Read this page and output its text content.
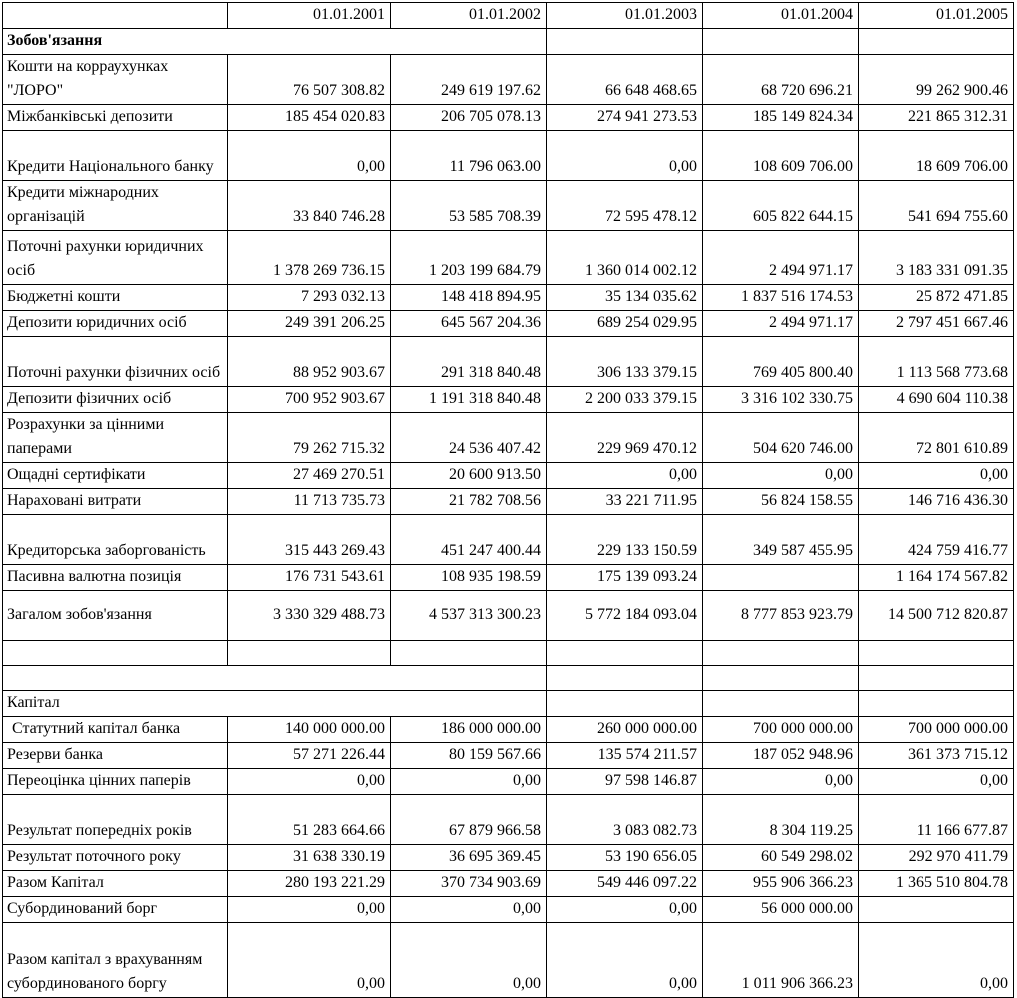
	01.01.2001	01.01.2002	01.01.2003	01.01.2004	01.01.2005
Зобов'язання					
Кошти на корраухунках "ЛОРО"	76 507 308.82	249 619 197.62	66 648 468.65	68 720 696.21	99 262 900.46
Міжбанківські депозити	185 454 020.83	206 705 078.13	274 941 273.53	185 149 824.34	221 865 312.31
Кредити Національного банку	0,00	11 796 063.00	0,00	108 609 706.00	18 609 706.00
Кредити міжнародних організацій	33 840 746.28	53 585 708.39	72 595 478.12	605 822 644.15	541 694 755.60
Поточні рахунки юридичних осіб	1 378 269 736.15	1 203 199 684.79	1 360 014 002.12	2 494 971.17	3 183 331 091.35
Бюджетні кошти	7 293 032.13	148 418 894.95	35 134 035.62	1 837 516 174.53	25 872 471.85
Депозити юридичних осіб	249 391 206.25	645 567 204.36	689 254 029.95	2 494 971.17	2 797 451 667.46
Поточні рахунки фізичних осіб	88 952 903.67	291 318 840.48	306 133 379.15	769 405 800.40	1 113 568 773.68
Депозити фізичних осіб	700 952 903.67	1 191 318 840.48	2 200 033 379.15	3 316 102 330.75	4 690 604 110.38
Розрахунки за цінними паперами	79 262 715.32	24 536 407.42	229 969 470.12	504 620 746.00	72 801 610.89
Ощадні сертифікати	27 469 270.51	20 600 913.50	0,00	0,00	0,00
Нараховані витрати	11 713 735.73	21 782 708.56	33 221 711.95	56 824 158.55	146 716 436.30
Кредиторська заборгованість	315 443 269.43	451 247 400.44	229 133 150.59	349 587 455.95	424 759 416.77
Пасивна валютна позиція	176 731 543.61	108 935 198.59	175 139 093.24		1 164 174 567.82
Загалом зобов'язання	3 330 329 488.73	4 537 313 300.23	5 772 184 093.04	8 777 853 923.79	14 500 712 820.87

Капітал					
Статутний капітал банка	140 000 000.00	186 000 000.00	260 000 000.00	700 000 000.00	700 000 000.00
Резерви банка	57 271 226.44	80 159 567.66	135 574 211.57	187 052 948.96	361 373 715.12
Переоцінка цінних паперів	0,00	0,00	97 598 146.87	0,00	0,00
Результат попередніх років	51 283 664.66	67 879 966.58	3 083 082.73	8 304 119.25	11 166 677.87
Результат поточного року	31 638 330.19	36 695 369.45	53 190 656.05	60 549 298.02	292 970 411.79
Разом Капітал	280 193 221.29	370 734 903.69	549 446 097.22	955 906 366.23	1 365 510 804.78
Субординований борг	0,00	0,00	0,00	56 000 000.00	
Разом капітал з врахуванням субординованого боргу	0,00	0,00	0,00	1 011 906 366.23	0,00
